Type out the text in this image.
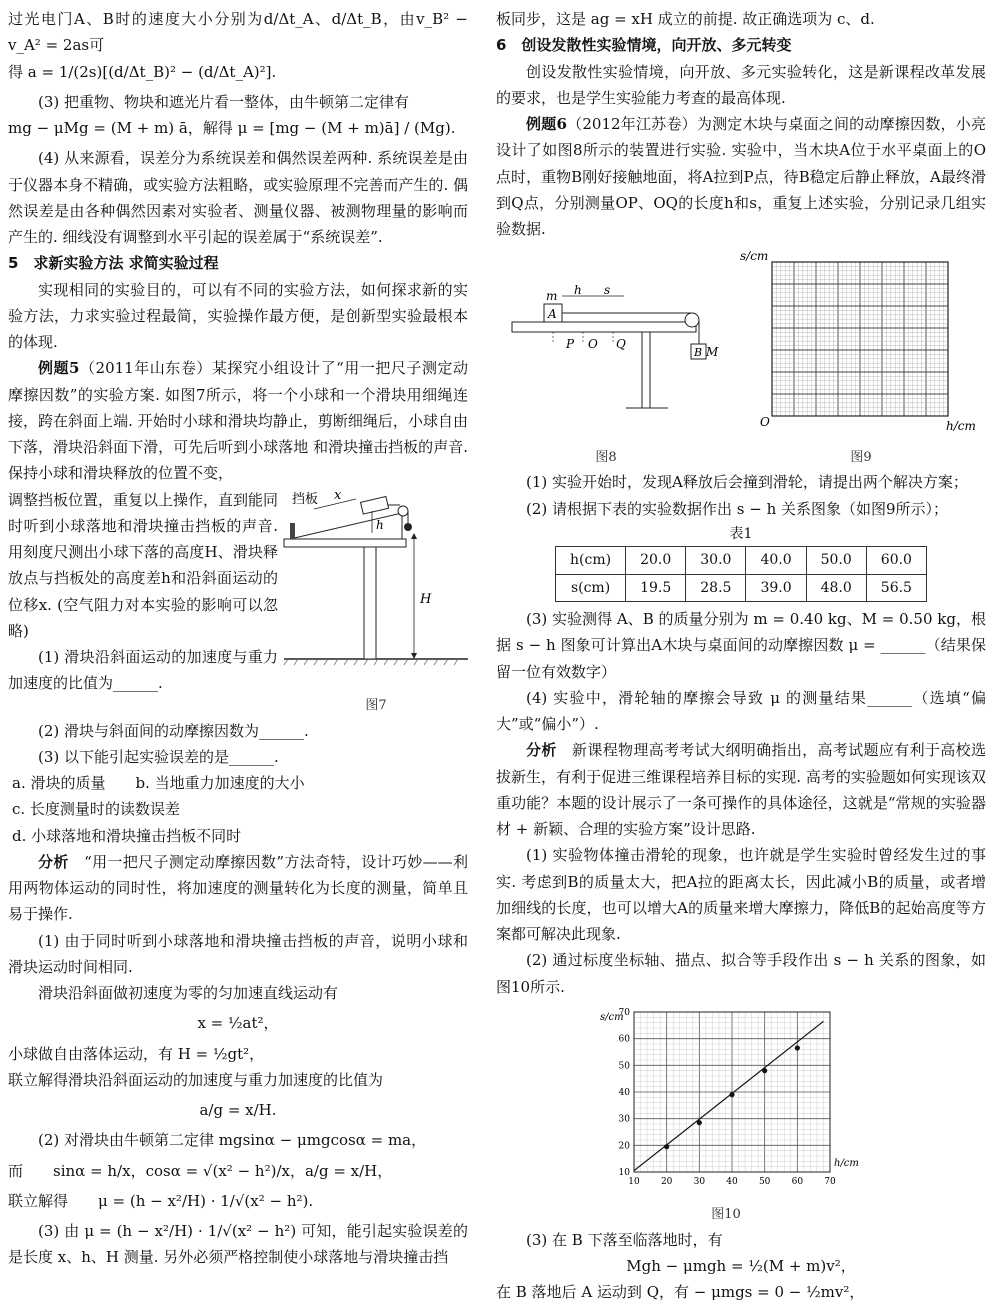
过光电门A、B时的速度大小分别为d/Δt_A、d/Δt_B，由v_B² − v_A² = 2as可

得 a = 1/(2s)[(d/Δt_B)² − (d/Δt_A)²].

(3) 把重物、物块和遮光片看一整体，由牛顿第二定律有

mg − μMg = (M + m) ā，解得 μ = [mg − (M + m)ā] / (Mg).

(4) 从来源看，误差分为系统误差和偶然误差两种. 系统误差是由于仪器本身不精确，或实验方法粗略，或实验原理不完善而产生的. 偶然误差是由各种偶然因素对实验者、测量仪器、被测物理量的影响而产生的. 细线没有调整到水平引起的误差属于“系统误差”.

5　求新实验方法 求简实验过程

实现相同的实验目的，可以有不同的实验方法，如何探求新的实验方法，力求实验过程最简，实验操作最方便，是创新型实验最根本的体现.

例题5（2011年山东卷）某探究小组设计了“用一把尺子测定动摩擦因数”的实验方案. 如图7所示，将一个小球和一个滑块用细绳连接，跨在斜面上端. 开始时小球和滑块均静止，剪断细绳后，小球自由下落，滑块沿斜面下滑，可先后听到小球落地 和滑块撞击挡板的声音. 保持小球和滑块释放的位置不变，

调整挡板位置，重复以上操作，直到能同时听到小球落地和滑块撞击挡板的声音. 用刻度尺测出小球下落的高度H、滑块释放点与挡板处的高度差h和沿斜面运动的位移x. (空气阻力对本实验的影响可以忽略)

(1) 滑块沿斜面运动的加速度与重力加速度的比值为______.

挡板 x
h
H
图7

(2) 滑块与斜面间的动摩擦因数为______.

(3) 以下能引起实验误差的是______.

a. 滑块的质量 b. 当地重力加速度的大小

c. 长度测量时的读数误差

d. 小球落地和滑块撞击挡板不同时

分析　 “用一把尺子测定动摩擦因数”方法奇特，设计巧妙——利用两物体运动的同时性，将加速度的测量转化为长度的测量，简单且易于操作.

(1) 由于同时听到小球落地和滑块撞击挡板的声音，说明小球和滑块运动时间相同.

滑块沿斜面做初速度为零的匀加速直线运动有

x = ½at²，

小球做自由落体运动，有 H = ½gt²，

联立解得滑块沿斜面运动的加速度与重力加速度的比值为

a/g = x/H.

(2) 对滑块由牛顿第二定律 mgsinα − μmgcosα = ma，

而　　sinα = h/x，cosα = √(x² − h²)/x，a/g = x/H，

联立解得　　μ = (h − x²/H) · 1/√(x² − h²).

(3) 由 μ = (h − x²/H) · 1/√(x² − h²) 可知，能引起实验误差的是长度 x、h、H 测量. 另外必须严格控制使小球落地与滑块撞击挡

板同步，这是 ag = xH 成立的前提. 故正确选项为 c、d.

6　创设发散性实验情境，向开放、多元转变

创设发散性实验情境，向开放、多元实验转化，这是新课程改革发展的要求，也是学生实验能力考查的最高体现.

例题6（2012年江苏卷）为测定木块与桌面之间的动摩擦因数，小亮设计了如图8所示的装置进行实验. 实验中，当木块A位于水平桌面上的O点时，重物B刚好接触地面，将A拉到P点，待B稳定后静止释放，A最终滑到Q点，分别测量OP、OQ的长度h和s，重复上述实验，分别记录几组实验数据.

m h s
A
P O Q
B M
图8
s/cm
h/cm
O
图9

(1) 实验开始时，发现A释放后会撞到滑轮，请提出两个解决方案；

(2) 请根据下表的实验数据作出 s − h 关系图象（如图9所示）；

表1
h(cm)	20.0	30.0	40.0	50.0	60.0
s(cm)	19.5	28.5	39.0	48.0	56.5

(3) 实验测得 A、B 的质量分别为 m = 0.40 kg、M = 0.50 kg，根据 s − h 图象可计算出A木块与桌面间的动摩擦因数 μ = ______（结果保留一位有效数字）

(4) 实验中，滑轮轴的摩擦会导致 μ 的测量结果______（选填“偏大”或“偏小”）.

分析　 新课程物理高考考试大纲明确指出，高考试题应有利于高校选拔新生，有利于促进三维课程培养目标的实现. 高考的实验题如何实现该双重功能？本题的设计展示了一条可操作的具体途径，这就是“常规的实验器材 + 新颖、合理的实验方案”设计思路.

(1) 实验物体撞击滑轮的现象，也许就是学生实验时曾经发生过的事实. 考虑到B的质量太大，把A拉的距离太长，因此减小B的质量，或者增加细线的长度，也可以增大A的质量来增大摩擦力，降低B的起始高度等方案都可解决此现象.

(2) 通过标度坐标轴、描点、拟合等手段作出 s − h 关系的图象，如图10所示.

10 20 30 40 50 60 70
10
20
30
40
50
60
70
s/cm
h/cm
图10

(3) 在 B 下落至临落地时，有

Mgh − μmgh = ½(M + m)v²，

在 B 落地后 A 运动到 Q，有 − μmgs = 0 − ½mv²，
